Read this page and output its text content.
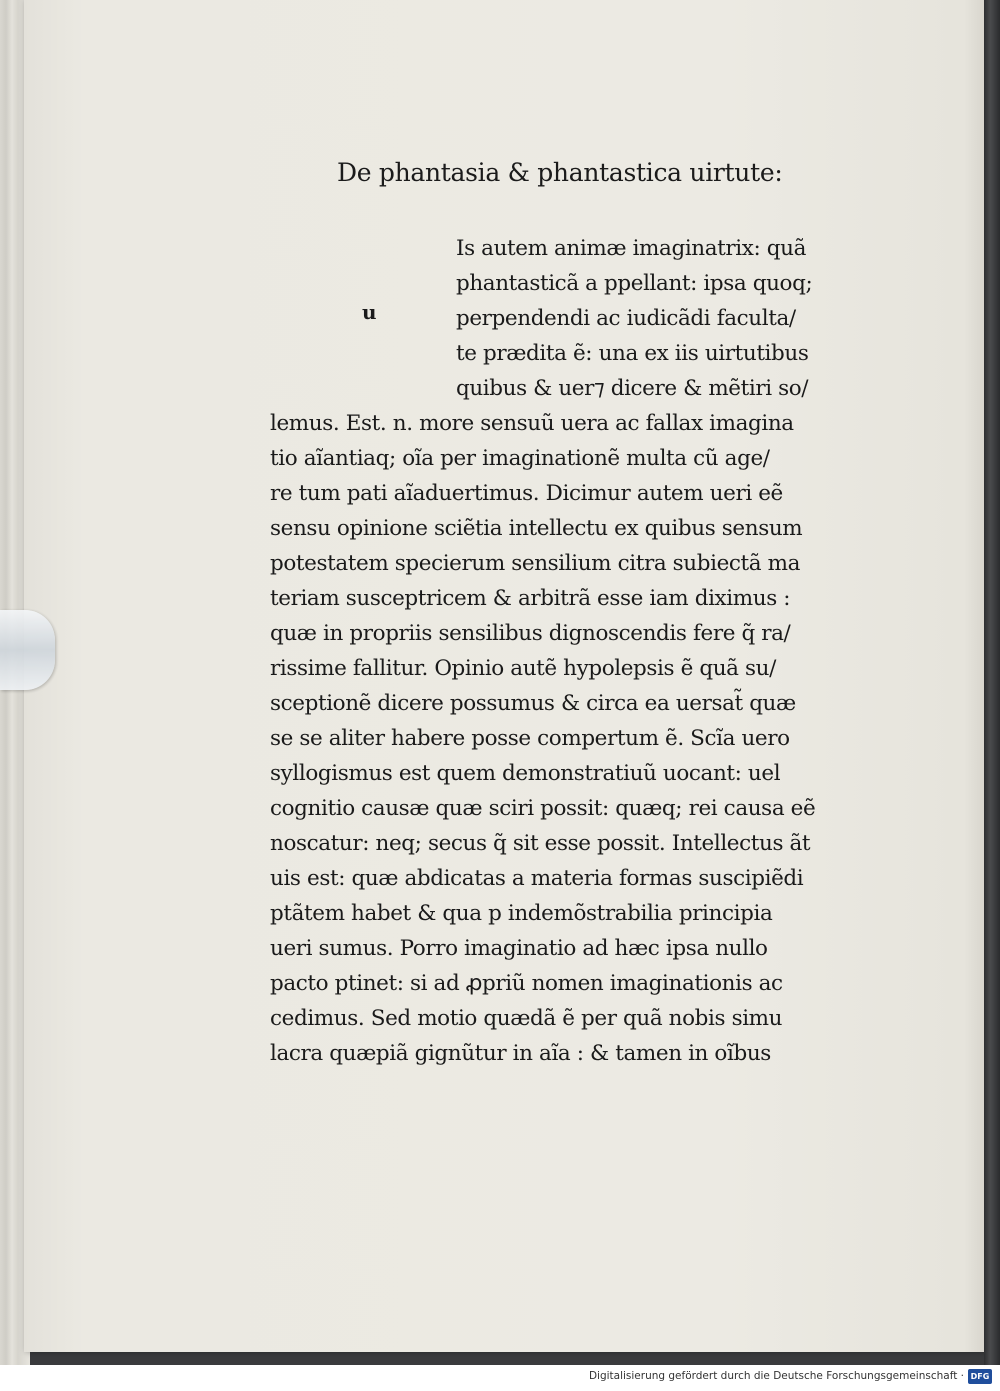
De phantasia & phantastica uirtute:
u
Is autem animæ imaginatrix: quã
phantasticã a ppellant: ipsa quoq;
perpendendi ac iudicãdi faculta/
te prædita ẽ: una ex iis uirtutibus
quibus & uer⁊ dicere & mẽtiri so/
lemus. Est. n. more sensuũ uera ac fallax imagina
tio aĩantiaq; oĩa per imaginationẽ multa cũ age/
re tum pati aĩaduertimus. Dicimur autem ueri eẽ
sensu opinione sciẽtia intellectu ex quibus sensum
potestatem specierum sensilium citra subiectã ma
teriam susceptricem & arbitrã esse iam diximus :
quæ in propriis sensilibus dignoscendis fere q̃ ra/
rissime fallitur. Opinio autẽ hypolepsis ẽ quã su/
sceptionẽ dicere possumus & circa ea uersat̃ quæ
se se aliter habere posse compertum ẽ. Scĩa uero
syllogismus est quem demonstratiuũ uocant: uel
cognitio causæ quæ sciri possit: quæq; rei causa eẽ
noscatur: neq; secus q̃ sit esse possit. Intellectus ãt
uis est: quæ abdicatas a materia formas suscipiẽdi
ptãtem habet & qua p indemõstrabilia principia
ueri sumus. Porro imaginatio ad hæc ipsa nullo
pacto ptinet: si ad ꝓpriũ nomen imaginationis ac
cedimus. Sed motio quædã ẽ per quã nobis simu
lacra quæpiã gignũtur in aĩa : & tamen in oĩbus
Digitalisierung gefördert durch die Deutsche Forschungsgemeinschaft · DFG
